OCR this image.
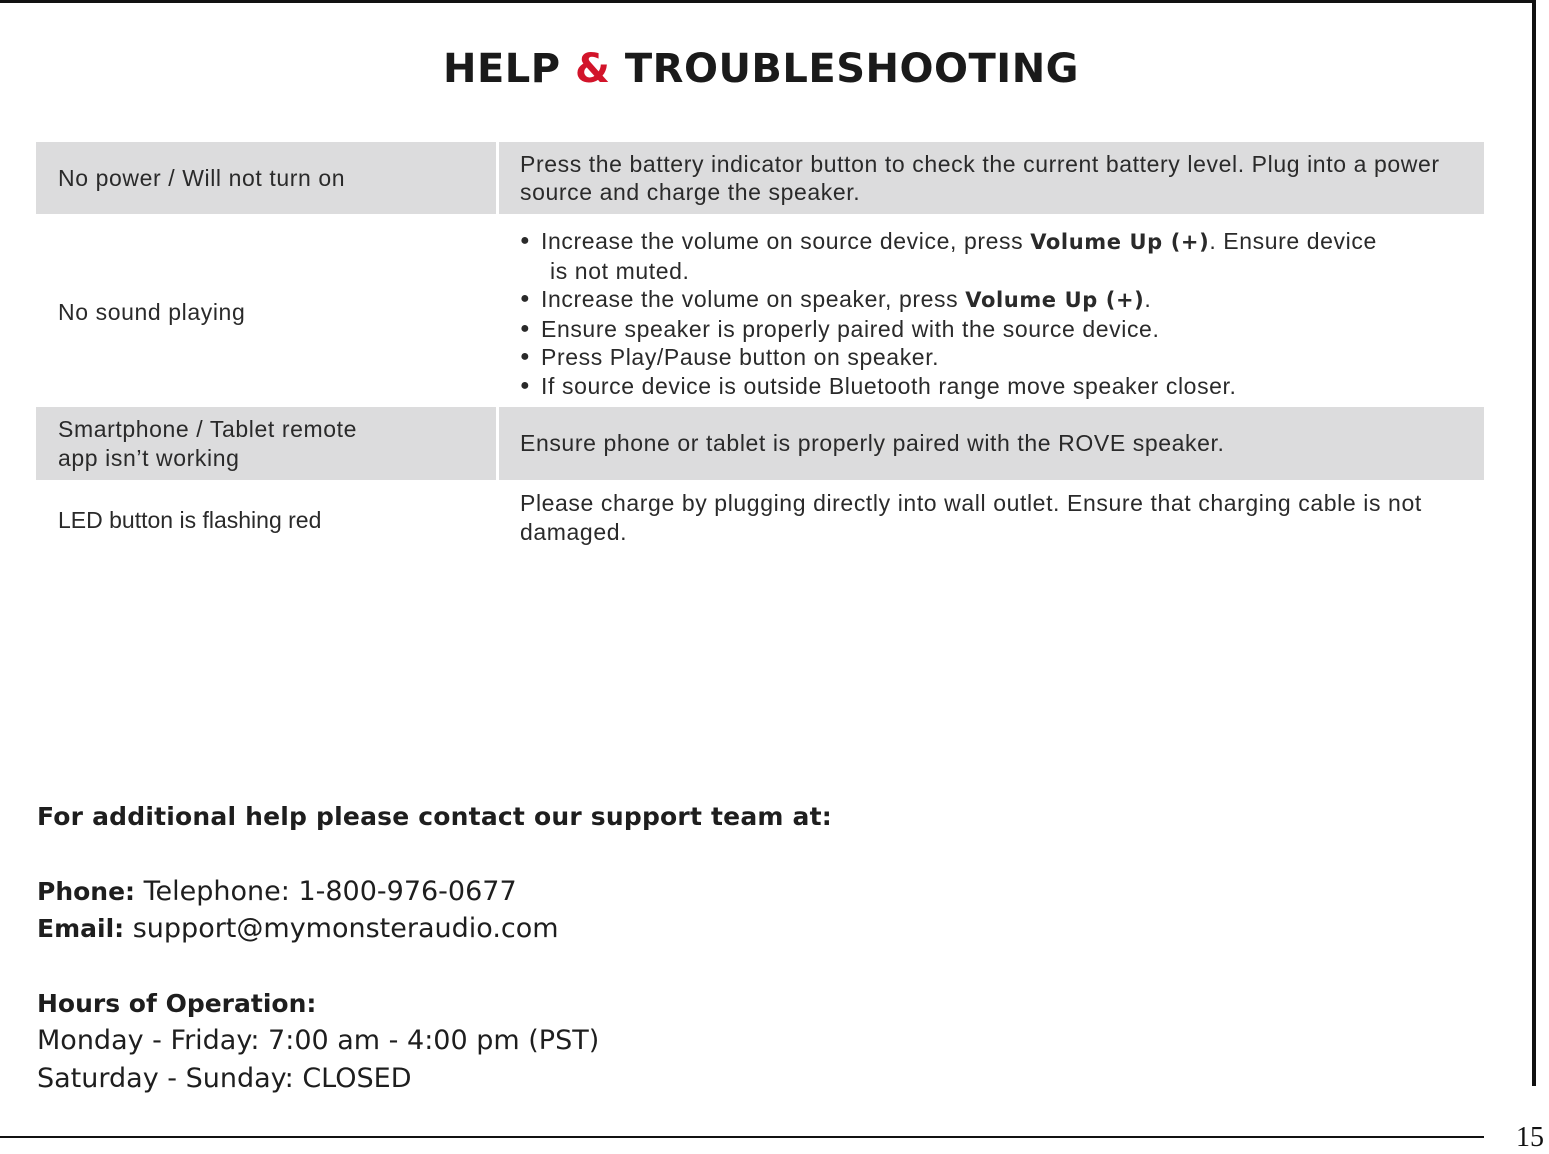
HELP & TROUBLESHOOTING
No power / Will not turn on
Press the battery indicator button to check the current battery level. Plug into a power source and charge the speaker.
No sound playing
● Increase the volume on source device, press Volume Up (+). Ensure device
is not muted.
● Increase the volume on speaker, press Volume Up (+).
● Ensure speaker is properly paired with the source device.
● Press Play/Pause button on speaker.
● If source device is outside Bluetooth range move speaker closer.
Smartphone / Tablet remote
app isn’t working
Ensure phone or tablet is properly paired with the ROVE speaker.
LED button is flashing red
Please charge by plugging directly into wall outlet. Ensure that charging cable is not damaged.
For additional help please contact our support team at:
Phone: Telephone: 1-800-976-0677
Email: support@mymonsteraudio.com
Hours of Operation:
Monday - Friday: 7:00 am - 4:00 pm (PST)
Saturday - Sunday: CLOSED
15
